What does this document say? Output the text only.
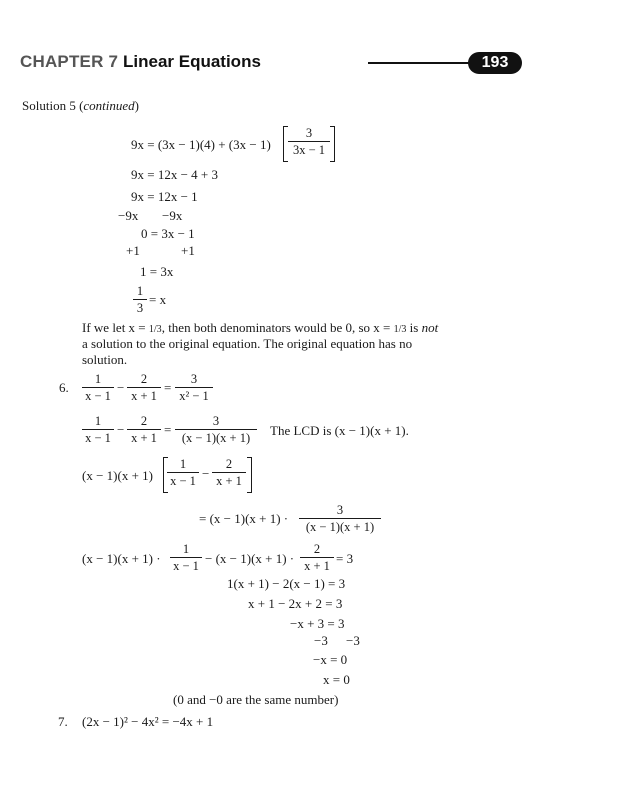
CHAPTER 7 Linear Equations	193
Solution 5 (continued)
9x = (3x − 1)(4) + (3x − 1)
3
3x − 1
9x = 12x − 4 + 3
9x = 12x − 1
−9x −9x
0 = 3x − 1
+1	+1
1 = 3x
1
3
= x
If we let x = 1/3, then both denominators would be 0, so x = 1/3 is not
a solution to the original equation. The original equation has no
solution.
6.
1
x − 1
−
2
x + 1
=
3
x² − 1
1
x − 1
−
2
x + 1
=
3
(x − 1)(x + 1)	The LCD is (x − 1)(x + 1).
(x − 1)(x + 1)
1
x − 1 −
2
x + 1
= (x − 1)(x + 1) ·
3
(x − 1)(x + 1)
(x − 1)(x + 1) ·
1
x − 1 − (x − 1)(x + 1) ·
2
x + 1 = 3
1(x + 1) − 2(x − 1) = 3
x + 1 − 2x + 2 = 3
−x + 3 = 3
−3 −3
−x = 0
x = 0
(0 and −0 are the same number)
7. (2x − 1)² − 4x² = −4x + 1
